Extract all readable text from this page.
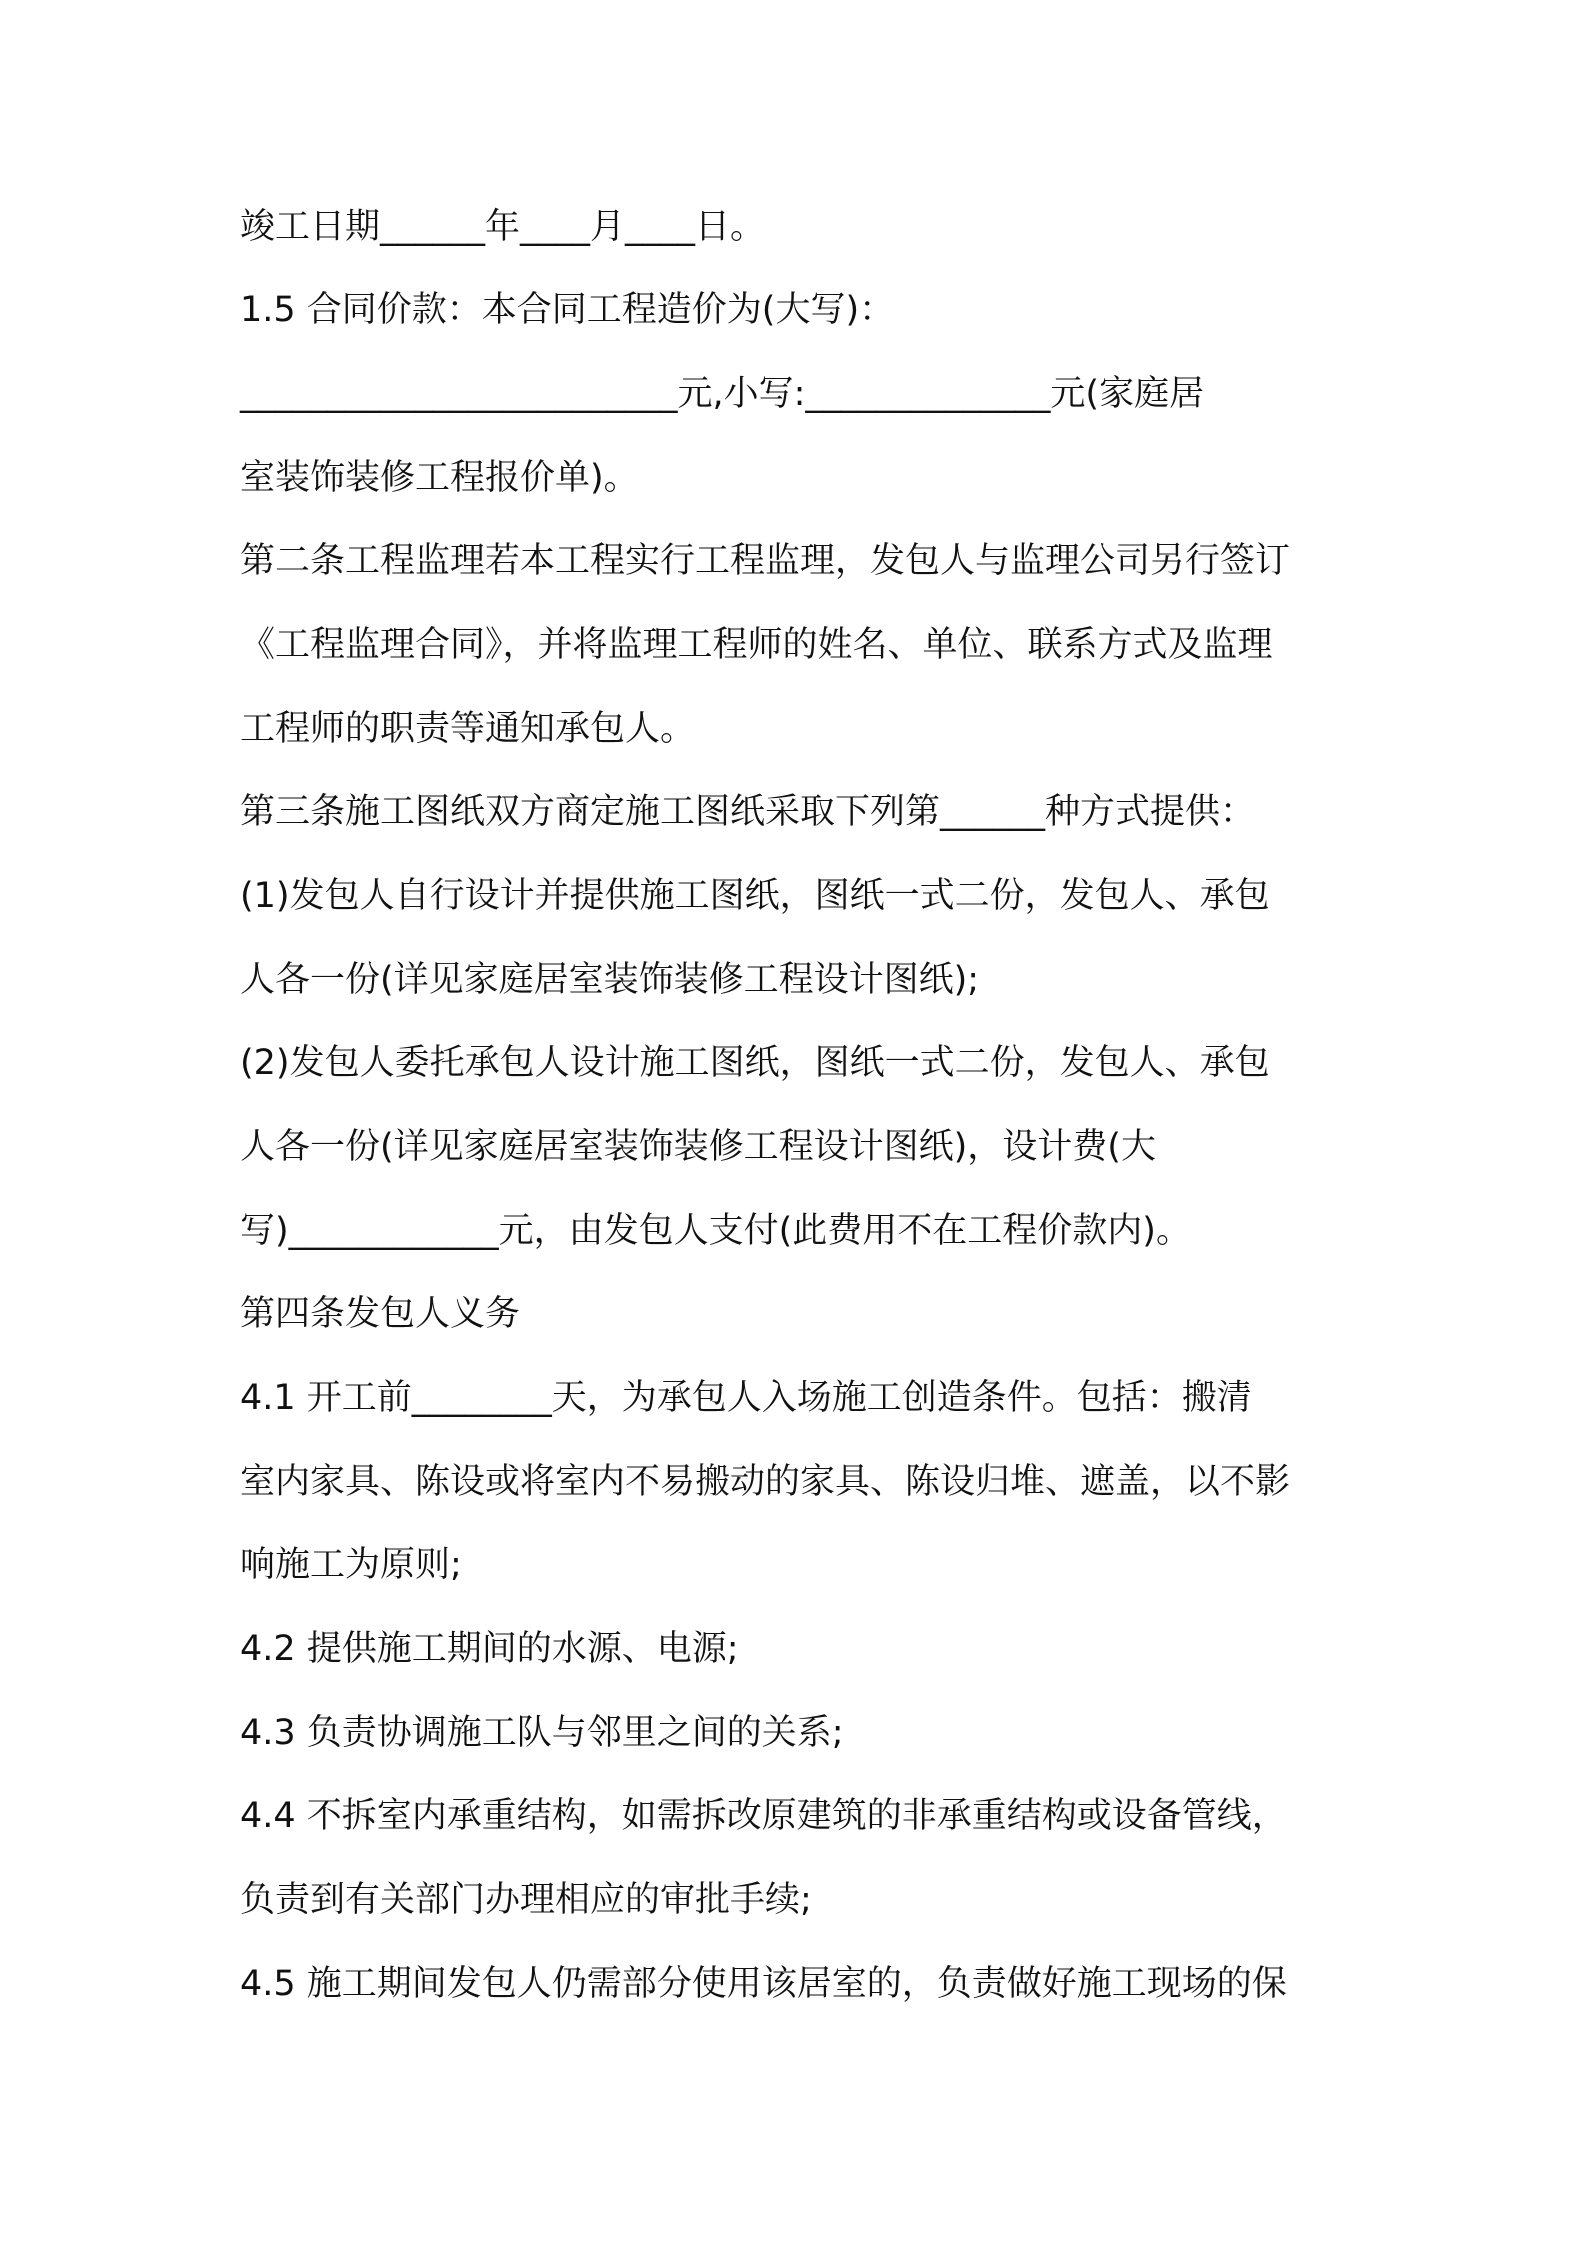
竣工日期______年____月____日。
1.5 合同价款：本合同工程造价为(大写)：
_________________________元,小写:______________元(家庭居
室装饰装修工程报价单)。
第二条工程监理若本工程实行工程监理，发包人与监理公司另行签订
《工程监理合同》，并将监理工程师的姓名、单位、联系方式及监理
工程师的职责等通知承包人。
第三条施工图纸双方商定施工图纸采取下列第______种方式提供：
(1)发包人自行设计并提供施工图纸，图纸一式二份，发包人、承包
人各一份(详见家庭居室装饰装修工程设计图纸);
(2)发包人委托承包人设计施工图纸，图纸一式二份，发包人、承包
人各一份(详见家庭居室装饰装修工程设计图纸)，设计费(大
写)____________元，由发包人支付(此费用不在工程价款内)。
第四条发包人义务
4.1 开工前________天，为承包人入场施工创造条件。包括：搬清
室内家具、陈设或将室内不易搬动的家具、陈设归堆、遮盖，以不影
响施工为原则;
4.2 提供施工期间的水源、电源;
4.3 负责协调施工队与邻里之间的关系;
4.4 不拆室内承重结构，如需拆改原建筑的非承重结构或设备管线，
负责到有关部门办理相应的审批手续;
4.5 施工期间发包人仍需部分使用该居室的，负责做好施工现场的保
